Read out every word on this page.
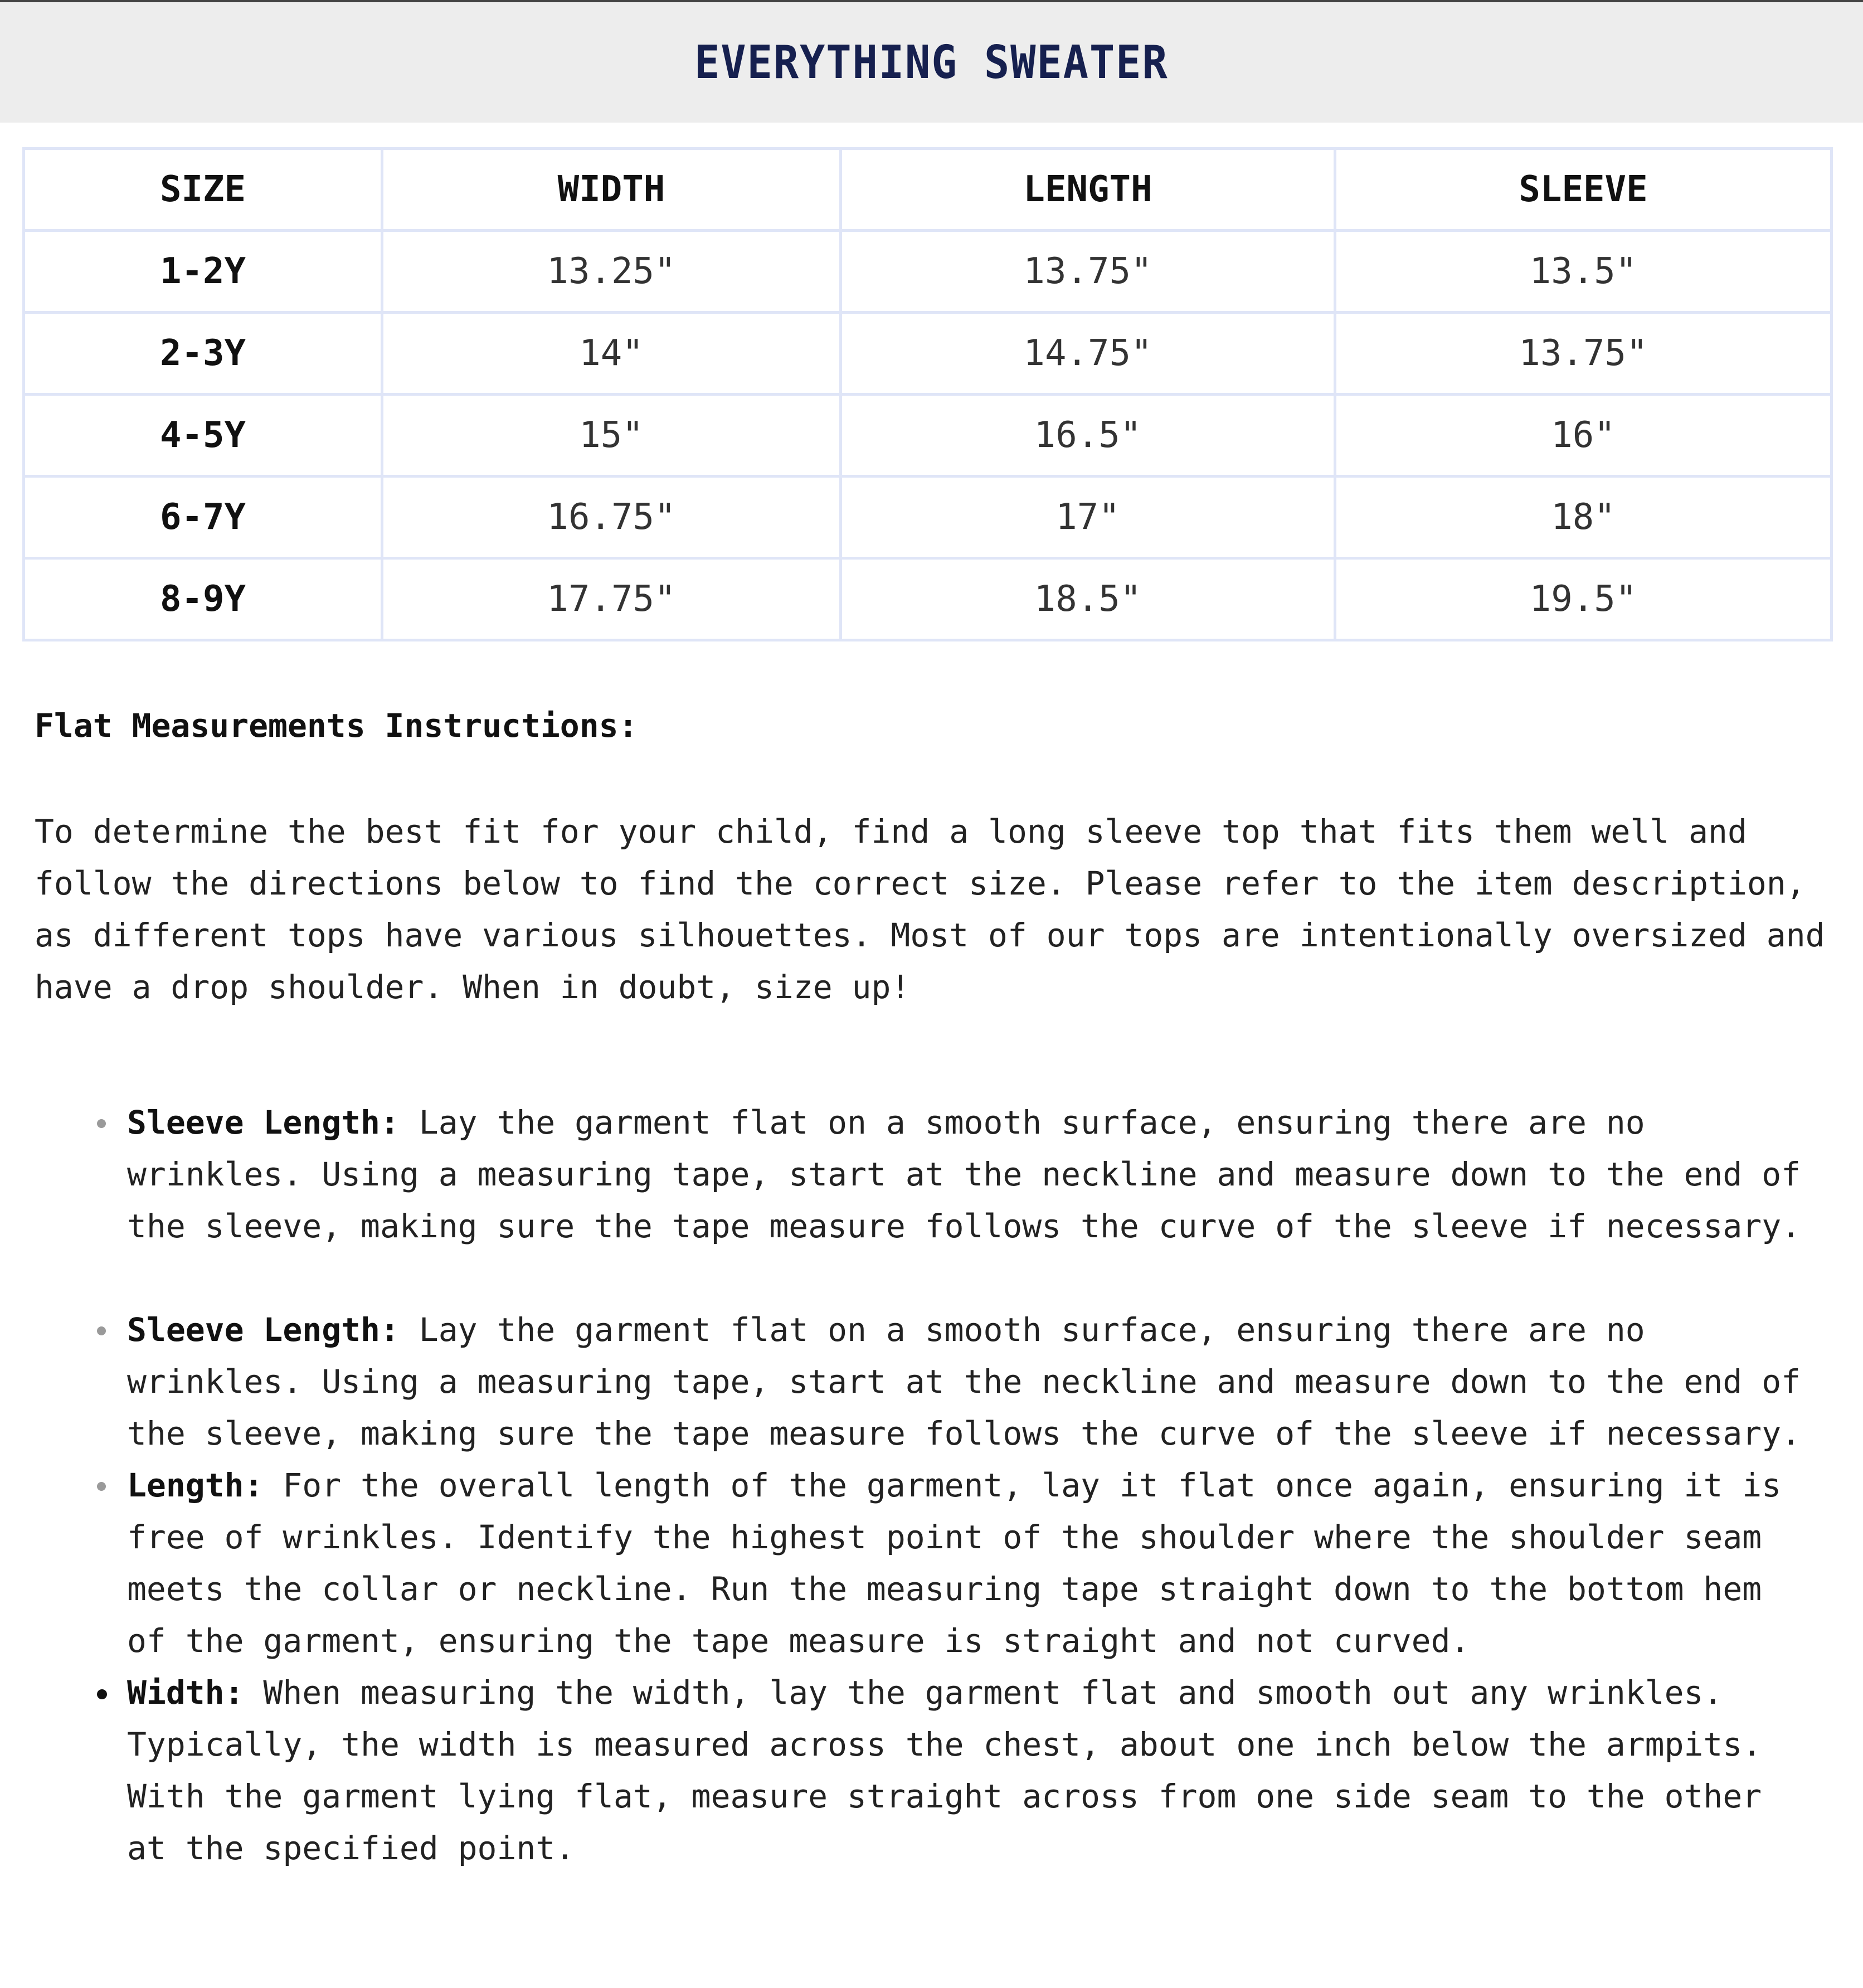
EVERYTHING SWEATER
SIZE	WIDTH	LENGTH	SLEEVE
1-2Y	13.25"	13.75"	13.5"
2-3Y	14"	14.75"	13.75"
4-5Y	15"	16.5"	16"
6-7Y	16.75"	17"	18"
8-9Y	17.75"	18.5"	19.5"
Flat Measurements Instructions:

To determine the best fit for your child, find a long sleeve top that fits them well and follow the directions below to find the correct size. Please refer to the item description, as different tops have various silhouettes. Most of our tops are intentionally oversized and have a drop shoulder. When in doubt, size up!

Sleeve Length: Lay the garment flat on a smooth surface, ensuring there are no wrinkles. Using a measuring tape, start at the neckline and measure down to the end of the sleeve, making sure the tape measure follows the curve of the sleeve if necessary.
Sleeve Length: Lay the garment flat on a smooth surface, ensuring there are no wrinkles. Using a measuring tape, start at the neckline and measure down to the end of the sleeve, making sure the tape measure follows the curve of the sleeve if necessary.
Length: For the overall length of the garment, lay it flat once again, ensuring it is free of wrinkles. Identify the highest point of the shoulder where the shoulder seam meets the collar or neckline. Run the measuring tape straight down to the bottom hem of the garment, ensuring the tape measure is straight and not curved.
Width: When measuring the width, lay the garment flat and smooth out any wrinkles. Typically, the width is measured across the chest, about one inch below the armpits. With the garment lying flat, measure straight across from one side seam to the other at the specified point.
